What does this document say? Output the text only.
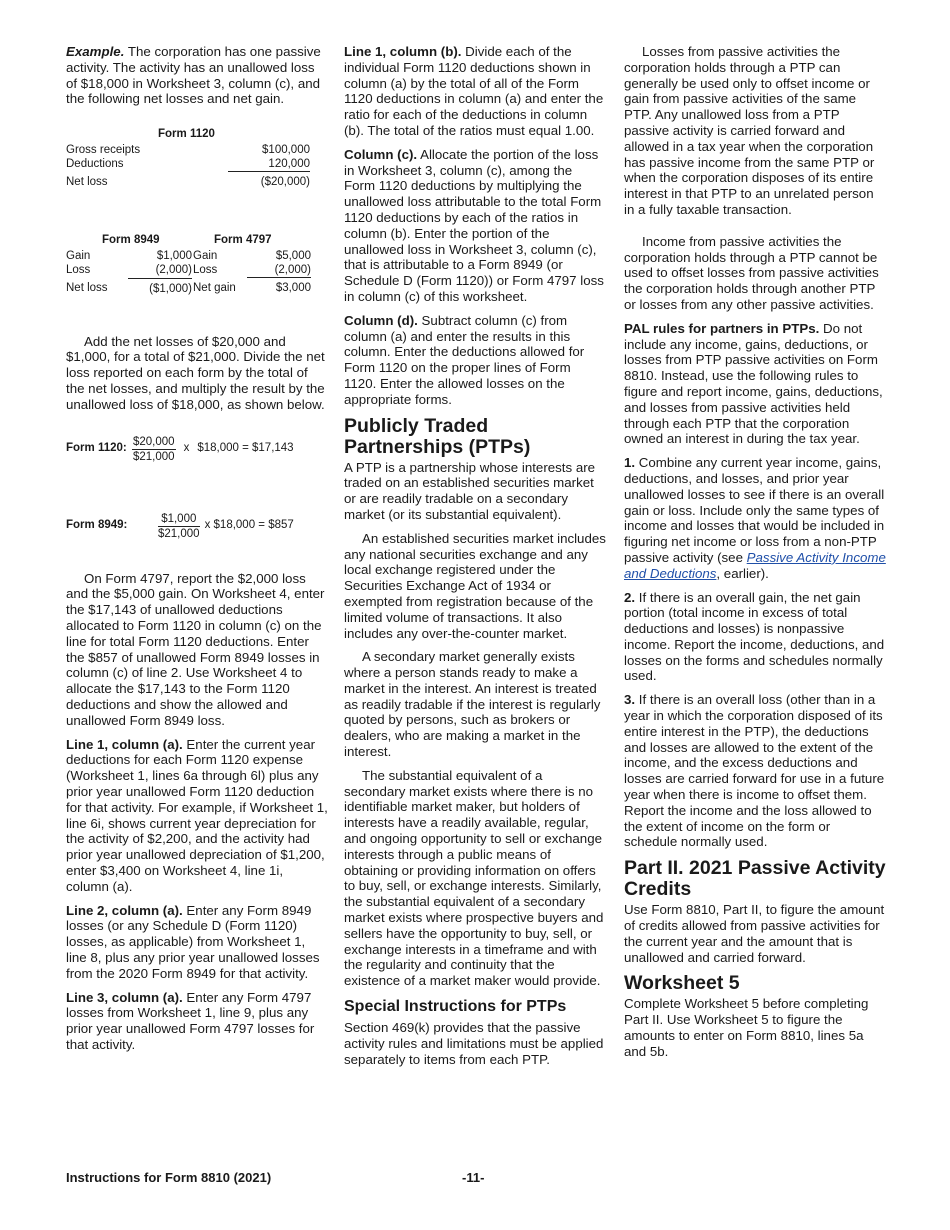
Example. The corporation has one passive activity. The activity has an unallowed loss of $18,000 in Worksheet 3, column (c), and the following net losses and net gain.

Form 1120	
Gross receipts	$100,000
Deductions	120,000
Net loss	($20,000)
Form 8949		Form 4797	
Gain	$1,000	Gain	$5,000
Loss	(2,000)	Loss	(2,000)
Net loss	($1,000)	Net gain	$3,000

Add the net losses of $20,000 and $1,000, for a total of $21,000. Divide the net loss reported on each form by the total of the net losses, and multiply the result by the unallowed loss of $18,000, as shown below.

Form 1120: $\frac{\$20,000}{\$21,000}$ x $18,000 = $17,143
Form 8949:	$\frac{\$1,000}{\$21,000}$ x $18,000 = $857

On Form 4797, report the $2,000 loss and the $5,000 gain. On Worksheet 4, enter the $17,143 of unallowed deductions allocated to Form 1120 in column (c) on the line for total Form 1120 deductions. Enter the $857 of unallowed Form 8949 losses in column (c) of line 2. Use Worksheet 4 to allocate the $17,143 to the Form 1120 deductions and show the allowed and unallowed Form 8949 loss.

Line 1, column (a). Enter the current year deductions for each Form 1120 expense (Worksheet 1, lines 6a through 6l) plus any prior year unallowed Form 1120 deduction for that activity. For example, if Worksheet 1, line 6i, shows current year depreciation for the activity of $2,200, and the activity had prior year unallowed depreciation of $1,200, enter $3,400 on Worksheet 4, line 1i, column (a).

Line 2, column (a). Enter any Form 8949 losses (or any Schedule D (Form 1120) losses, as applicable) from Worksheet 1, line 8, plus any prior year unallowed losses from the 2020 Form 8949 for that activity.

Line 3, column (a). Enter any Form 4797 losses from Worksheet 1, line 9, plus any prior year unallowed Form 4797 losses for that activity.

Line 1, column (b). Divide each of the individual Form 1120 deductions shown in column (a) by the total of all of the Form 1120 deductions in column (a) and enter the ratio for each of the deductions in column (b). The total of the ratios must equal 1.00.

Column (c). Allocate the portion of the loss in Worksheet 3, column (c), among the Form 1120 deductions by multiplying the unallowed loss attributable to the total Form 1120 deductions by each of the ratios in column (b). Enter the portion of the unallowed loss in Worksheet 3, column (c), that is attributable to a Form 8949 (or Schedule D (Form 1120)) or Form 4797 loss in column (c) of this worksheet.

Column (d). Subtract column (c) from column (a) and enter the results in this column. Enter the deductions allowed for Form 1120 on the proper lines of Form 1120. Enter the allowed losses on the appropriate forms.

Publicly Traded Partnerships (PTPs)

A PTP is a partnership whose interests are traded on an established securities market or are readily tradable on a secondary market (or its substantial equivalent).

An established securities market includes any national securities exchange and any local exchange registered under the Securities Exchange Act of 1934 or exempted from registration because of the limited volume of transactions. It also includes any over-the-counter market.

A secondary market generally exists where a person stands ready to make a market in the interest. An interest is treated as readily tradable if the interest is regularly quoted by persons, such as brokers or dealers, who are making a market in the interest.

The substantial equivalent of a secondary market exists where there is no identifiable market maker, but holders of interests have a readily available, regular, and ongoing opportunity to sell or exchange interests through a public means of obtaining or providing information on offers to buy, sell, or exchange interests. Similarly, the substantial equivalent of a secondary market exists where prospective buyers and sellers have the opportunity to buy, sell, or exchange interests in a timeframe and with the regularity and continuity that the existence of a market maker would provide.

Special Instructions for PTPs

Section 469(k) provides that the passive activity rules and limitations must be applied separately to items from each PTP.

Losses from passive activities the corporation holds through a PTP can generally be used only to offset income or gain from passive activities of the same PTP. Any unallowed loss from a PTP passive activity is carried forward and allowed in a tax year when the corporation has passive income from the same PTP or when the corporation disposes of its entire interest in that PTP to an unrelated person in a fully taxable transaction.

Income from passive activities the corporation holds through a PTP cannot be used to offset losses from passive activities the corporation holds through another PTP or losses from any other passive activities.

PAL rules for partners in PTPs. Do not include any income, gains, deductions, or losses from PTP passive activities on Form 8810. Instead, use the following rules to figure and report income, gains, deductions, and losses from passive activities held through each PTP that the corporation owned an interest in during the tax year.

1. Combine any current year income, gains, deductions, and losses, and prior year unallowed losses to see if there is an overall gain or loss. Include only the same types of income and losses that would be included in figuring net income or loss from a non-PTP passive activity (see Passive Activity Income and Deductions, earlier).

2. If there is an overall gain, the net gain portion (total income in excess of total deductions and losses) is nonpassive income. Report the income, deductions, and losses on the forms and schedules normally used.

3. If there is an overall loss (other than in a year in which the corporation disposed of its entire interest in the PTP), the deductions and losses are allowed to the extent of the income, and the excess deductions and losses are carried forward for use in a future year when there is income to offset them. Report the income and the loss allowed to the extent of income on the form or schedule normally used.

Part II. 2021 Passive Activity Credits

Use Form 8810, Part II, to figure the amount of credits allowed from passive activities for the current year and the amount that is unallowed and carried forward.

Worksheet 5

Complete Worksheet 5 before completing Part II. Use Worksheet 5 to figure the amounts to enter on Form 8810, lines 5a and 5b.

Instructions for Form 8810 (2021)	-11-
